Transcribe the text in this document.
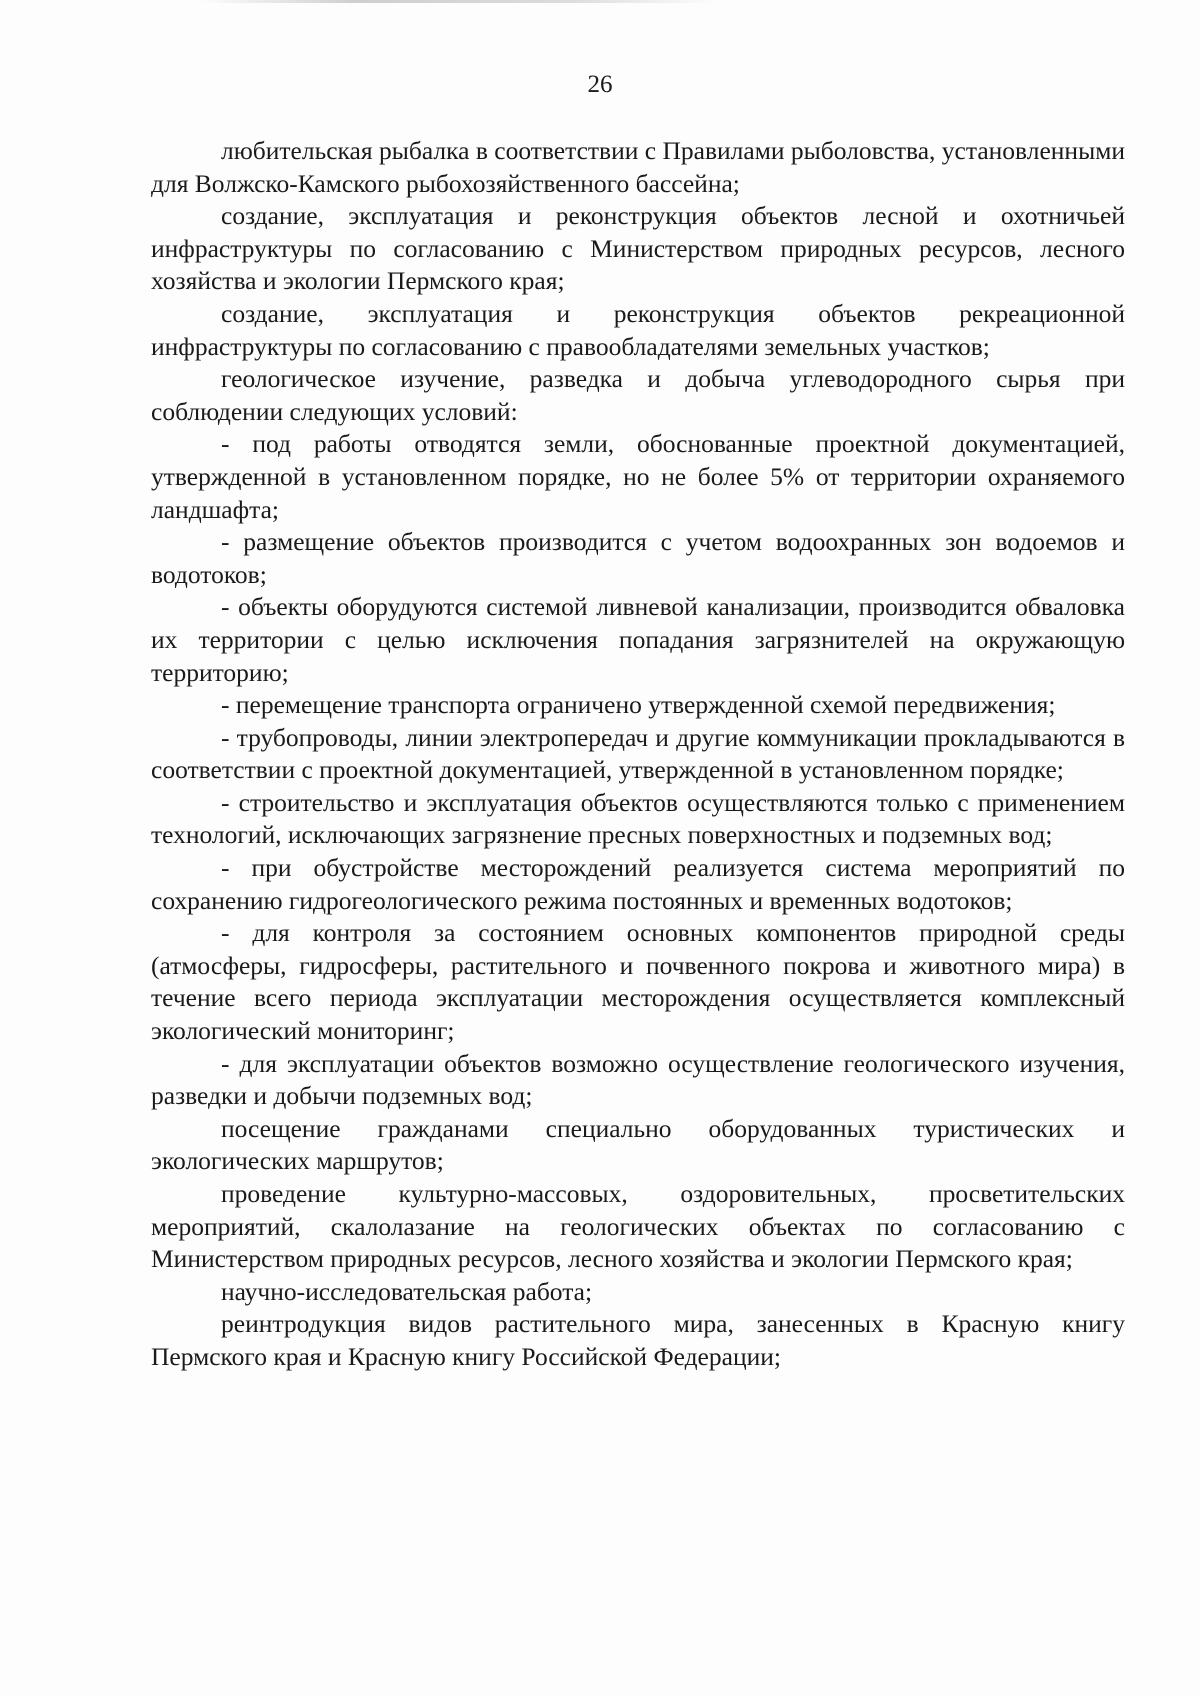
26

любительская рыбалка в соответствии с Правилами рыболовства, установленными для Волжско-Камского рыбохозяйственного бассейна;

создание, эксплуатация и реконструкция объектов лесной и охотничьей инфраструктуры по согласованию с Министерством природных ресурсов, лесного хозяйства и экологии Пермского края;

создание, эксплуатация и реконструкция объектов рекреационной инфраструктуры по согласованию с правообладателями земельных участков;

геологическое изучение, разведка и добыча углеводородного сырья при соблюдении следующих условий:

- под работы отводятся земли, обоснованные проектной документацией, утвержденной в установленном порядке, но не более 5% от территории охраняемого ландшафта;

- размещение объектов производится с учетом водоохранных зон водоемов и водотоков;

- объекты оборудуются системой ливневой канализации, производится обваловка их территории с целью исключения попадания загрязнителей на окружающую территорию;

- перемещение транспорта ограничено утвержденной схемой передвижения;

- трубопроводы, линии электропередач и другие коммуникации прокладываются в соответствии с проектной документацией, утвержденной в установленном порядке;

- строительство и эксплуатация объектов осуществляются только с применением технологий, исключающих загрязнение пресных поверхностных и подземных вод;

- при обустройстве месторождений реализуется система мероприятий по сохранению гидрогеологического режима постоянных и временных водотоков;

- для контроля за состоянием основных компонентов природной среды (атмосферы, гидросферы, растительного и почвенного покрова и животного мира) в течение всего периода эксплуатации месторождения осуществляется комплексный экологический мониторинг;

- для эксплуатации объектов возможно осуществление геологического изучения, разведки и добычи подземных вод;

посещение гражданами специально оборудованных туристических и экологических маршрутов;

проведение культурно-массовых, оздоровительных, просветительских мероприятий, скалолазание на геологических объектах по согласованию с Министерством природных ресурсов, лесного хозяйства и экологии Пермского края;

научно-исследовательская работа;

реинтродукция видов растительного мира, занесенных в Красную книгу Пермского края и Красную книгу Российской Федерации;
